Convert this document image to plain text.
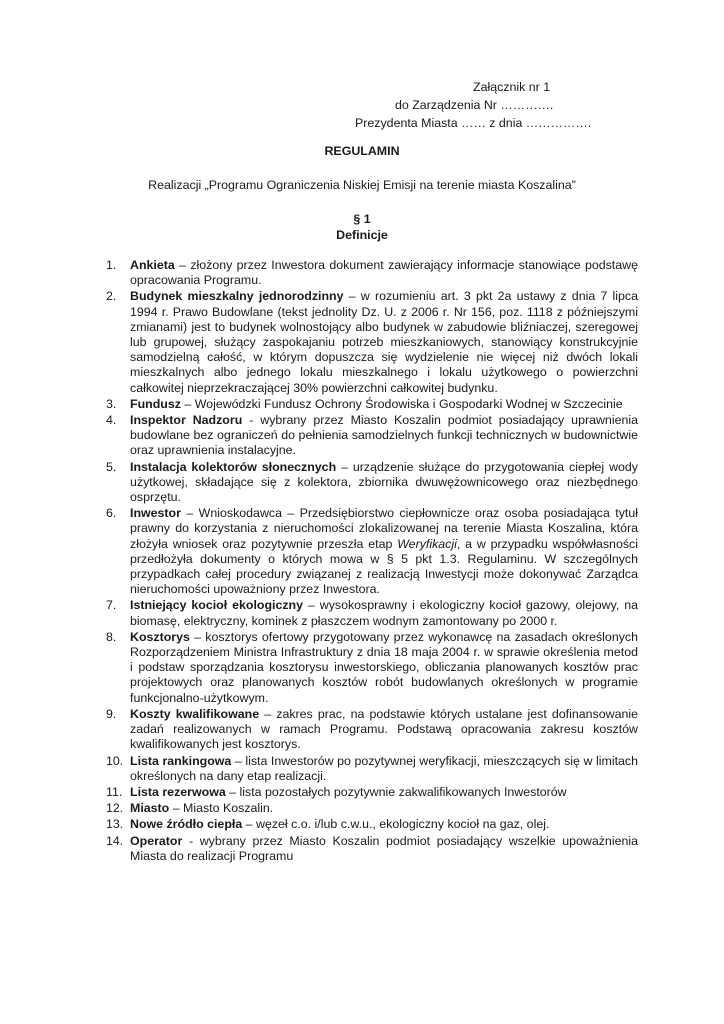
Załącznik nr 1
do Zarządzenia Nr ………….
Prezydenta Miasta …… z dnia …………….
REGULAMIN
Realizacji „Programu Ograniczenia Niskiej Emisji na terenie miasta Koszalina”
§ 1
Definicje
1.	Ankieta – złożony przez Inwestora dokument zawierający informacje stanowiące podstawę opracowania Programu.
2.	Budynek mieszkalny jednorodzinny – w rozumieniu art. 3 pkt 2a ustawy z dnia 7 lipca 1994 r. Prawo Budowlane (tekst jednolity Dz. U. z 2006 r. Nr 156, poz. 1118 z późniejszymi zmianami) jest to budynek wolnostojący albo budynek w zabudowie bliźniaczej, szeregowej lub grupowej, służący zaspokajaniu potrzeb mieszkaniowych, stanowiący konstrukcyjnie samodzielną całość, w którym dopuszcza się wydzielenie nie więcej niż dwóch lokali mieszkalnych albo jednego lokalu mieszkalnego i lokalu użytkowego o powierzchni całkowitej nieprzekraczającej 30% powierzchni całkowitej budynku.
3.	Fundusz – Wojewódzki Fundusz Ochrony Środowiska i Gospodarki Wodnej w Szczecinie
4.	Inspektor Nadzoru - wybrany przez Miasto Koszalin podmiot posiadający uprawnienia budowlane bez ograniczeń do pełnienia samodzielnych funkcji technicznych w budownictwie oraz uprawnienia instalacyjne.
5.	Instalacja kolektorów słonecznych – urządzenie służące do przygotowania ciepłej wody użytkowej, składające się z kolektora, zbiornika dwuwężownicowego oraz niezbędnego osprzętu.
6.	Inwestor – Wnioskodawca – Przedsiębiorstwo ciepłownicze oraz osoba posiadająca tytuł prawny do korzystania z nieruchomości zlokalizowanej na terenie Miasta Koszalina, która złożyła wniosek oraz pozytywnie przeszła etap Weryfikacji, a w przypadku współwłasności przedłożyła dokumenty o których mowa w § 5 pkt 1.3. Regulaminu. W szczególnych przypadkach całej procedury związanej z realizacją Inwestycji może dokonywać Zarządca nieruchomości upoważniony przez Inwestora.
7.	Istniejący kocioł ekologiczny – wysokosprawny i ekologiczny kocioł gazowy, olejowy, na biomasę, elektryczny, kominek z płaszczem wodnym zamontowany po 2000 r.
8.	Kosztorys – kosztorys ofertowy przygotowany przez wykonawcę na zasadach określonych Rozporządzeniem Ministra Infrastruktury z dnia 18 maja 2004 r. w sprawie określenia metod i podstaw sporządzania kosztorysu inwestorskiego, obliczania planowanych kosztów prac projektowych oraz planowanych kosztów robót budowlanych określonych w programie funkcjonalno-użytkowym.
9.	Koszty kwalifikowane – zakres prac, na podstawie których ustalane jest dofinansowanie zadań realizowanych w ramach Programu. Podstawą opracowania zakresu kosztów kwalifikowanych jest kosztorys.
10. Lista rankingowa – lista Inwestorów po pozytywnej weryfikacji, mieszczących się w limitach określonych na dany etap realizacji.
11. Lista rezerwowa – lista pozostałych pozytywnie zakwalifikowanych Inwestorów
12. Miasto – Miasto Koszalin.
13. Nowe źródło ciepła – węzeł c.o. i/lub c.w.u., ekologiczny kocioł na gaz, olej.
14. Operator - wybrany przez Miasto Koszalin podmiot posiadający wszelkie upoważnienia Miasta do realizacji Programu
